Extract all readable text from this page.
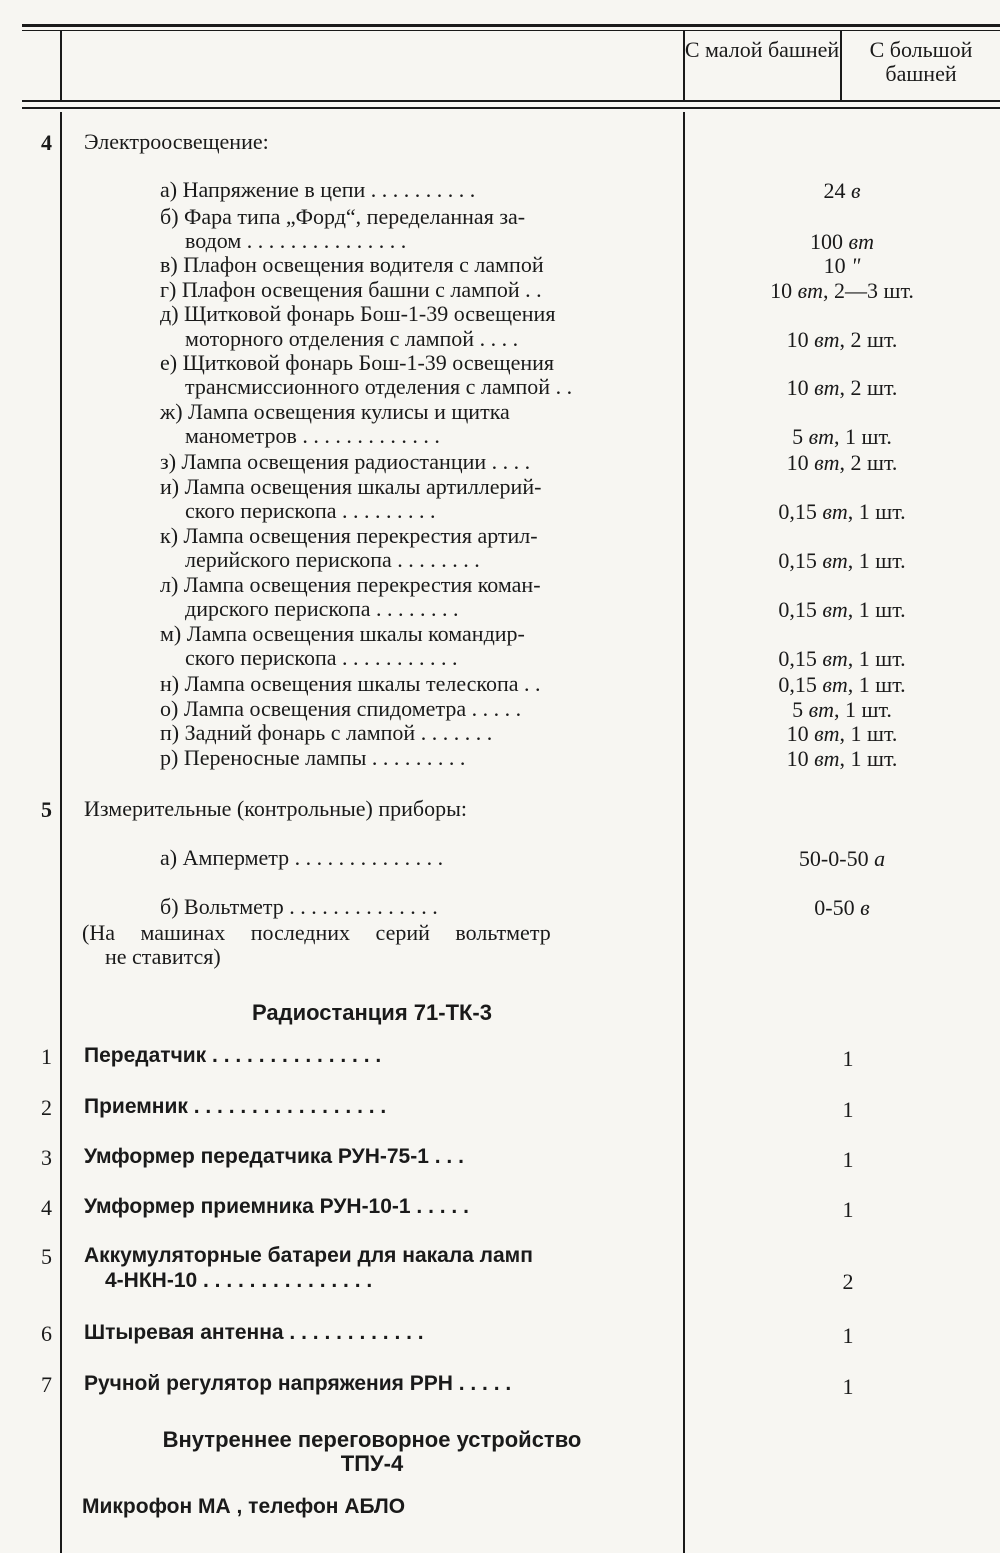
С малой башней	С большой башней
4 Электроосвещение:
а) Напряжение в цепи . . . . . . . . . .	24 в
б) Фара типа „Форд“, переделанная за-
водом . . . . . . . . . . . . . . .	100 вт
в) Плафон освещения водителя с лампой	10 "
г) Плафон освещения башни с лампой . .	10 вт, 2—3 шт.
д) Щитковой фонарь Бош-1-39 освещения
моторного отделения с лампой . . . .	10 вт, 2 шт.
е) Щитковой фонарь Бош-1-39 освещения
трансмиссионного отделения с лампой . .	10 вт, 2 шт.
ж) Лампа освещения кулисы и щитка
манометров . . . . . . . . . . . . .	5 вт, 1 шт.
з) Лампа освещения радиостанции . . . .	10 вт, 2 шт.
и) Лампа освещения шкалы артиллерий-
ского перископа . . . . . . . . .	0,15 вт, 1 шт.
к) Лампа освещения перекрестия артил-
лерийского перископа . . . . . . . .	0,15 вт, 1 шт.
л) Лампа освещения перекрестия коман-
дирского перископа . . . . . . . .	0,15 вт, 1 шт.
м) Лампа освещения шкалы командир-
ского перископа . . . . . . . . . . .	0,15 вт, 1 шт.
н) Лампа освещения шкалы телескопа . .	0,15 вт, 1 шт.
о) Лампа освещения спидометра . . . . .	5 вт, 1 шт.
п) Задний фонарь с лампой . . . . . . .	10 вт, 1 шт.
р) Переносные лампы . . . . . . . . .	10 вт, 1 шт.
5 Измерительные (контрольные) приборы:
а) Амперметр . . . . . . . . . . . . . .	50-0-50 а
б) Вольтметр . . . . . . . . . . . . . .	0-50 в
(На машинах последних серий вольтметр
не ставится)
Радиостанция 71-ТК-3
1 Передатчик . . . . . . . . . . . . . . .	1
2 Приемник . . . . . . . . . . . . . . . . .	1
3 Умформер передатчика РУН-75-1 . . .	1
4 Умформер приемника РУН-10-1 . . . . .	1
5 Аккумуляторные батареи для накала ламп
4-НКН-10 . . . . . . . . . . . . . . .	2
6 Штыревая антенна . . . . . . . . . . . .	1
7 Ручной регулятор напряжения РРН . . . . .	1
Внутреннее переговорное устройство
ТПУ-4
Микрофон МА , телефон АБЛО
